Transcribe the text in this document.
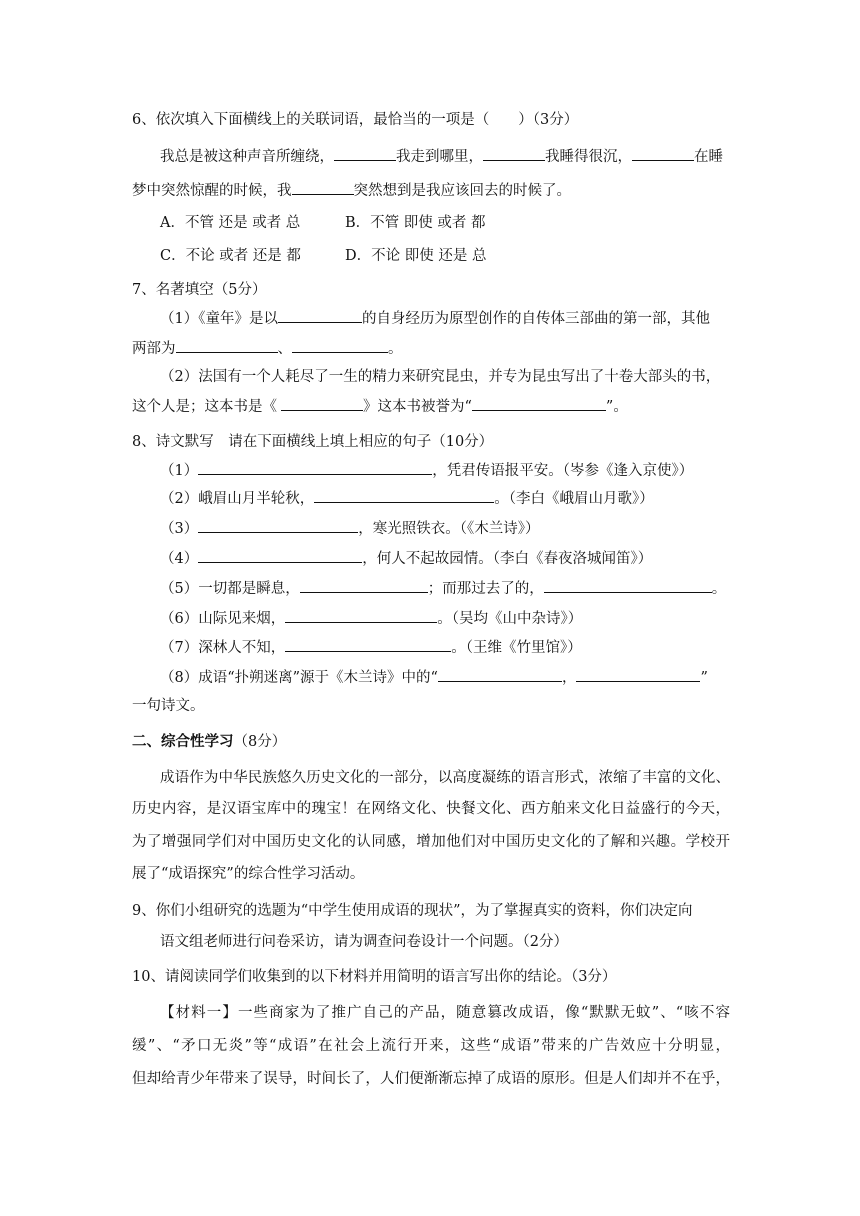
6、依次填入下面横线上的关联词语，最恰当的一项是（　　）（3分）
我总是被这种声音所缠绕，	我走到哪里，	我睡得很沉，	在睡
梦中突然惊醒的时候，我	突然想到是我应该回去的时候了。
A．不管 还是 或者 总	B．不管 即使 或者 都
C．不论 或者 还是 都	D．不论 即使 还是 总
7、名著填空（5分）
（1）《童年》是以	的自身经历为原型创作的自传体三部曲的第一部，其他
两部为	、	。
（2）法国有一个人耗尽了一生的精力来研究昆虫，并专为昆虫写出了十卷大部头的书，
这个人是；这本书是《	》这本书被誉为“	”。
8、诗文默写　请在下面横线上填上相应的句子（10分）
（1）	，凭君传语报平安。（岑参《逢入京使》）
（2）峨眉山月半轮秋，	。（李白《峨眉山月歌》）
（3）	，寒光照铁衣。（《木兰诗》）
（4）	，何人不起故园情。（李白《春夜洛城闻笛》）
（5）一切都是瞬息，	；而那过去了的，	。
（6）山际见来烟，	。（吴均《山中杂诗》）
（7）深林人不知，	。（王维《竹里馆》）
（8）成语“扑朔迷离”源于《木兰诗》中的“	，	”
一句诗文。
二、综合性学习（8分）
成语作为中华民族悠久历史文化的一部分，以高度凝练的语言形式，浓缩了丰富的文化、
历史内容，是汉语宝库中的瑰宝！在网络文化、快餐文化、西方舶来文化日益盛行的今天，
为了增强同学们对中国历史文化的认同感，增加他们对中国历史文化的了解和兴趣。学校开
展了“成语探究”的综合性学习活动。
9、你们小组研究的选题为“中学生使用成语的现状”，为了掌握真实的资料，你们决定向
语文组老师进行问卷采访，请为调查问卷设计一个问题。（2分）
10、请阅读同学们收集到的以下材料并用简明的语言写出你的结论。（3分）
【材料一】一些商家为了推广自己的产品，随意篡改成语，像“默默无蚊”、“咳不容
缓”、“矛口无炎”等“成语”在社会上流行开来，这些“成语”带来的广告效应十分明显，
但却给青少年带来了误导，时间长了，人们便渐渐忘掉了成语的原形。但是人们却并不在乎，
